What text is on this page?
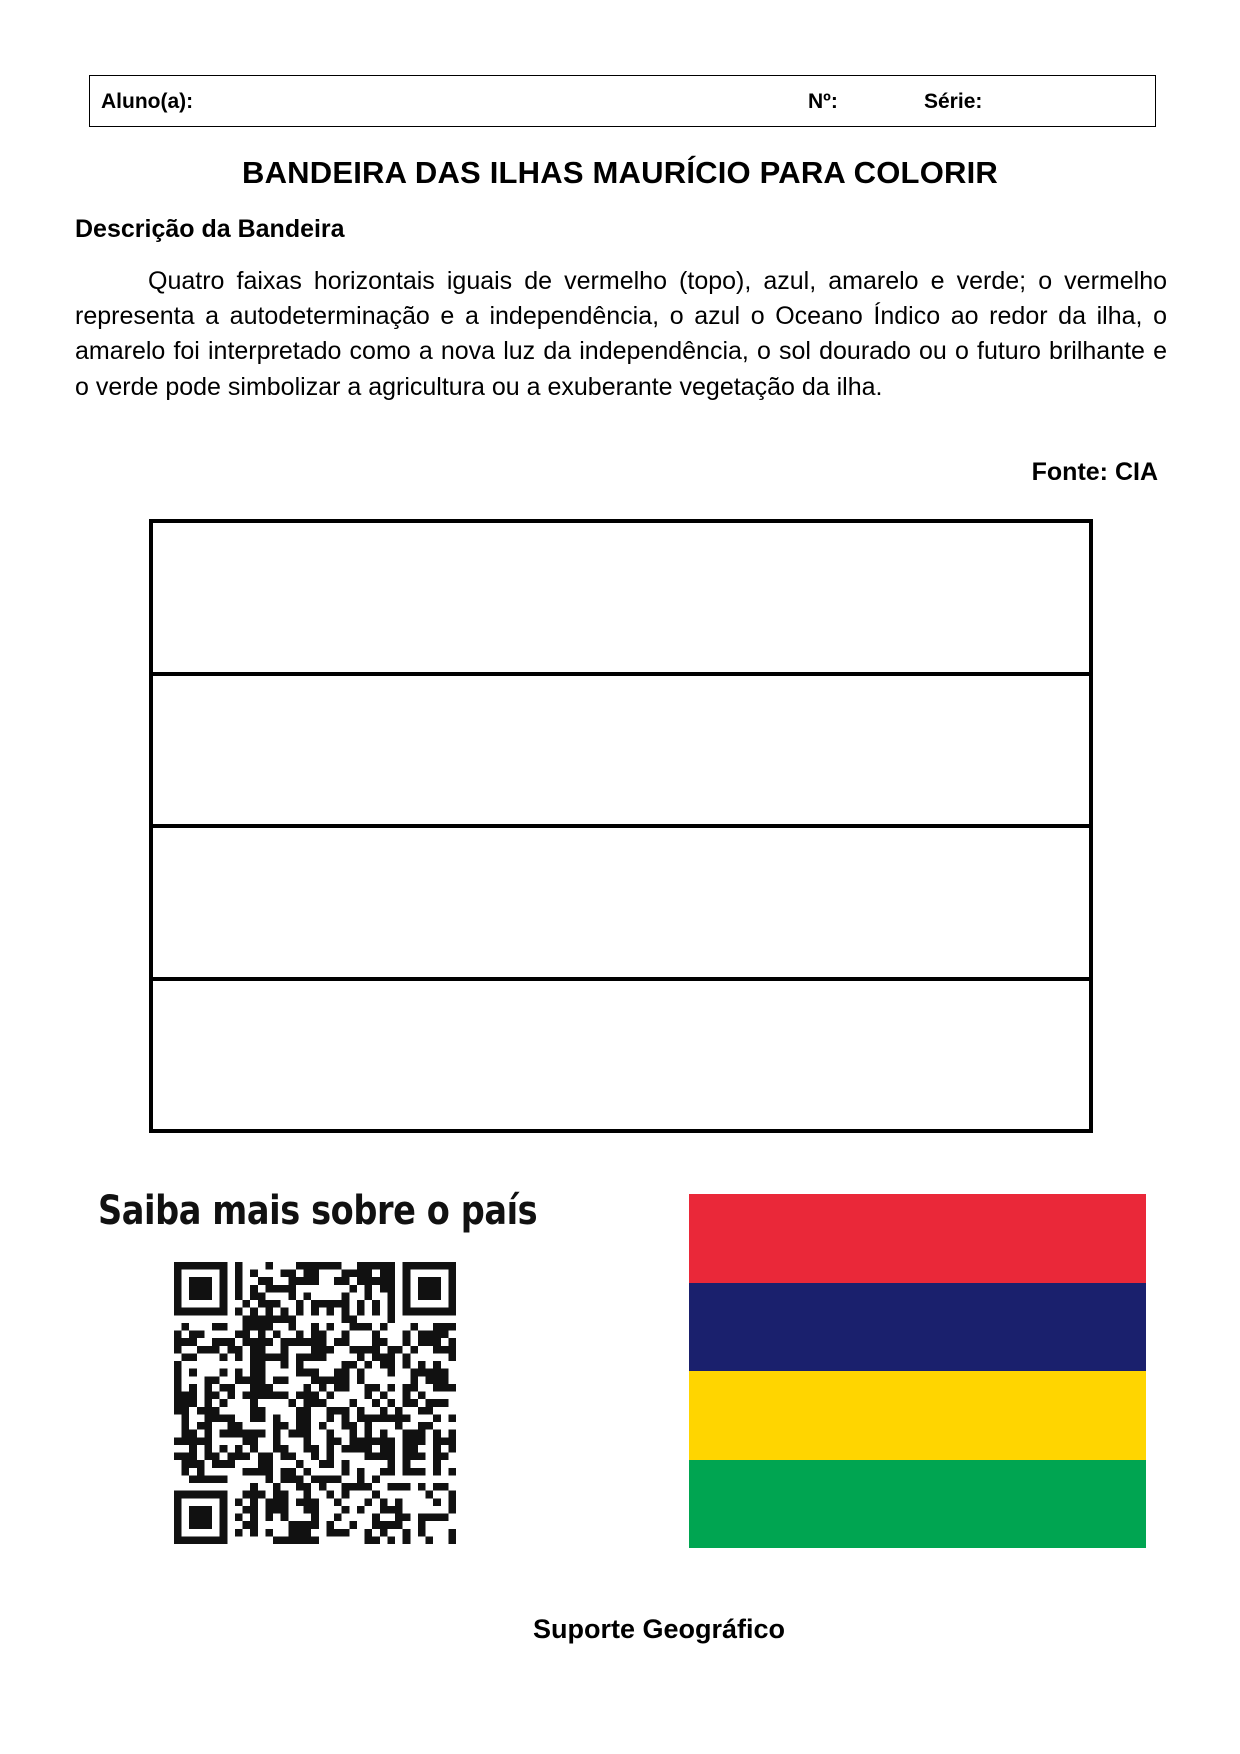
Aluno(a):	Nº:	Série:
BANDEIRA DAS ILHAS MAURÍCIO PARA COLORIR
Descrição da Bandeira

Quatro faixas horizontais iguais de vermelho (topo), azul, amarelo e verde; o vermelho representa a autodeterminação e a independência, o azul o Oceano Índico ao redor da ilha, o amarelo foi interpretado como a nova luz da independência, o sol dourado ou o futuro brilhante e o verde pode simbolizar a agricultura ou a exuberante vegetação da ilha.

Fonte: CIA
Saiba mais sobre o país
Suporte Geográfico
